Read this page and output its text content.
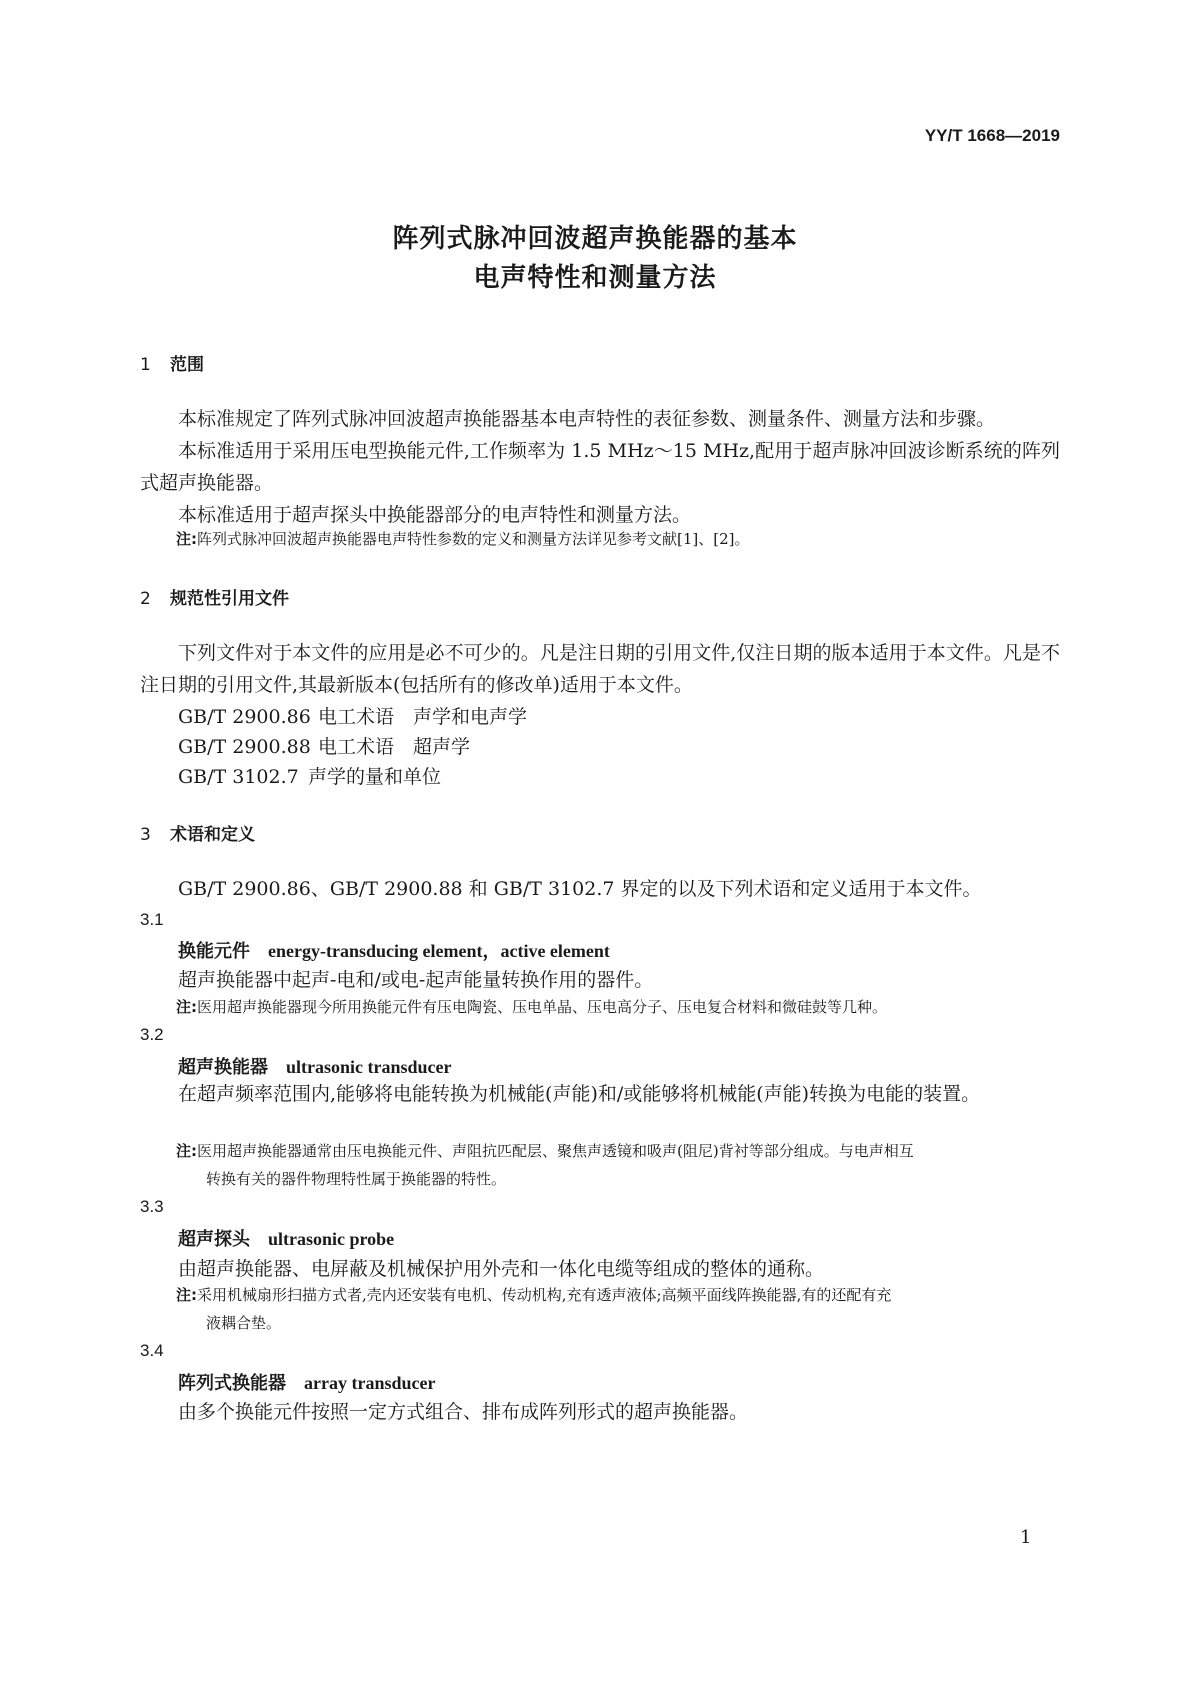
YY/T 1668—2019
阵列式脉冲回波超声换能器的基本
电声特性和测量方法
1 范围
本标准规定了阵列式脉冲回波超声换能器基本电声特性的表征参数、测量条件、测量方法和步骤。
本标准适用于采用压电型换能元件,工作频率为 1.5 MHz～15 MHz,配用于超声脉冲回波诊断系统的阵列式超声换能器。
本标准适用于超声探头中换能器部分的电声特性和测量方法。
注:阵列式脉冲回波超声换能器电声特性参数的定义和测量方法详见参考文献[1]、[2]。
2 规范性引用文件
下列文件对于本文件的应用是必不可少的。凡是注日期的引用文件,仅注日期的版本适用于本文件。凡是不注日期的引用文件,其最新版本(包括所有的修改单)适用于本文件。
GB/T 2900.86 电工术语　声学和电声学
GB/T 2900.88 电工术语　超声学
GB/T 3102.7 声学的量和单位
3 术语和定义
GB/T 2900.86、GB/T 2900.88 和 GB/T 3102.7 界定的以及下列术语和定义适用于本文件。
3.1
换能元件 energy-transducing element，active element
超声换能器中起声-电和/或电-起声能量转换作用的器件。
注:医用超声换能器现今所用换能元件有压电陶瓷、压电单晶、压电高分子、压电复合材料和微硅鼓等几种。
3.2
超声换能器 ultrasonic transducer
在超声频率范围内,能够将电能转换为机械能(声能)和/或能够将机械能(声能)转换为电能的装置。
注:医用超声换能器通常由压电换能元件、声阻抗匹配层、聚焦声透镜和吸声(阻尼)背衬等部分组成。与电声相互
转换有关的器件物理特性属于换能器的特性。
3.3
超声探头 ultrasonic probe
由超声换能器、电屏蔽及机械保护用外壳和一体化电缆等组成的整体的通称。
注:采用机械扇形扫描方式者,壳内还安装有电机、传动机构,充有透声液体;高频平面线阵换能器,有的还配有充
液耦合垫。
3.4
阵列式换能器 array transducer
由多个换能元件按照一定方式组合、排布成阵列形式的超声换能器。
1
